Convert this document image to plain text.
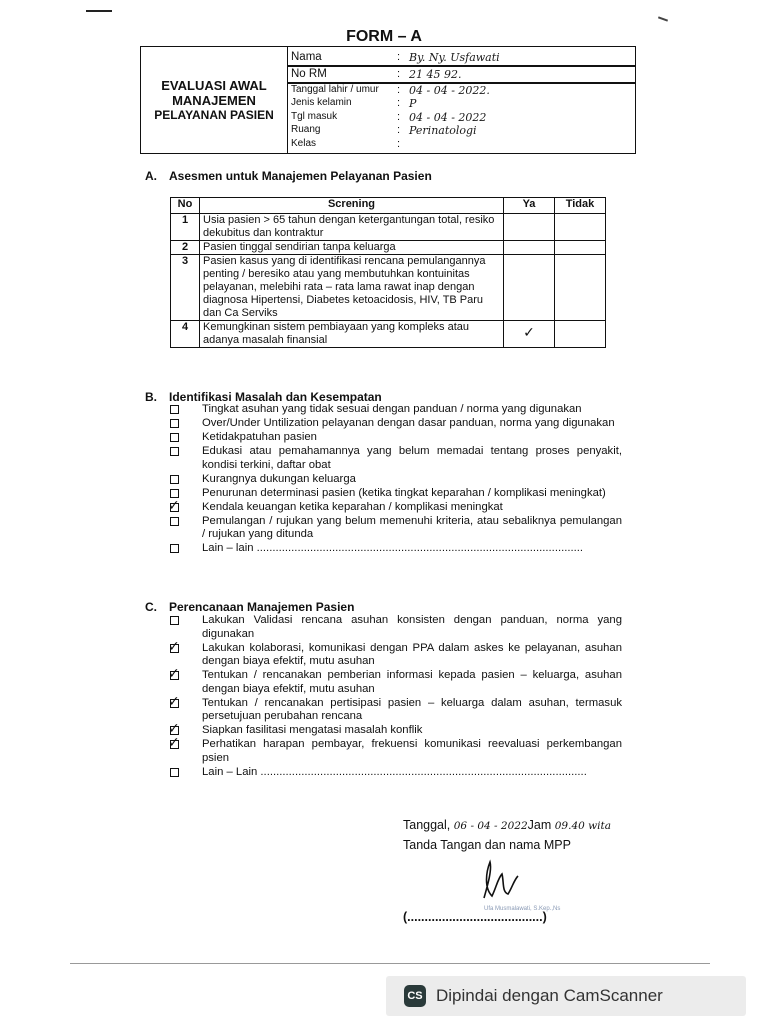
FORM – A
EVALUASI AWAL
MANAJEMEN
PELAYANAN PASIEN
Nama	: By. Ny. Usfawati
No RM	: 21 45 92.
Tanggal lahir / umur : 04 - 04 - 2022.
Jenis kelamin	: P
Tgl masuk	: 04 - 04 - 2022
Ruang	: Perinatologi
Kelas	:
A. Asesmen untuk Manajemen Pelayanan Pasien
No	Screning	Ya	Tidak
1	Usia pasien > 65 tahun dengan ketergantungan total, resiko dekubitus dan kontraktur		
2	Pasien tinggal sendirian tanpa keluarga		
3	Pasien kasus yang di identifikasi rencana pemulangannya penting / beresiko atau yang membutuhkan kontuinitas pelayanan, melebihi rata – rata lama rawat inap dengan diagnosa Hipertensi, Diabetes ketoacidosis, HIV, TB Paru dan Ca Serviks		
4	Kemungkinan sistem pembiayaan yang kompleks atau adanya masalah finansial	✓	
B. Identifikasi Masalah dan Kesempatan
Tingkat asuhan yang tidak sesuai dengan panduan / norma yang digunakan
Over/Under Untilization pelayanan dengan dasar panduan, norma yang digunakan
Ketidakpatuhan pasien
Edukasi atau pemahamannya yang belum memadai tentang proses penyakit, kondisi terkini, daftar obat
Kurangnya dukungan keluarga
Penurunan determinasi pasien (ketika tingkat keparahan / komplikasi meningkat)
✓ Kendala keuangan ketika keparahan / komplikasi meningkat
Pemulangan / rujukan yang belum memenuhi kriteria, atau sebaliknya pemulangan / rujukan yang ditunda
Lain – lain ........................................................................................................
C. Perencanaan Manajemen Pasien
Lakukan Validasi rencana asuhan konsisten dengan panduan, norma yang digunakan
✓ Lakukan kolaborasi, komunikasi dengan PPA dalam askes ke pelayanan, asuhan dengan biaya efektif, mutu asuhan
✓ Tentukan / rencanakan pemberian informasi kepada pasien – keluarga, asuhan dengan biaya efektif, mutu asuhan
✓ Tentukan / rencanakan pertisipasi pasien – keluarga dalam asuhan, termasuk persetujuan perubahan rencana
✓ Siapkan fasilitasi mengatasi masalah konflik
✓ Perhatikan harapan pembayar, frekuensi komunikasi reevaluasi perkembangan psien
Lain – Lain ........................................................................................................
Tanggal, 06 - 04 - 2022Jam 09.40 wita
Tanda Tangan dan nama MPP
Ufa Musmalawati, S.Kep.,Ns
(.......................................)
CS Dipindai dengan CamScanner
